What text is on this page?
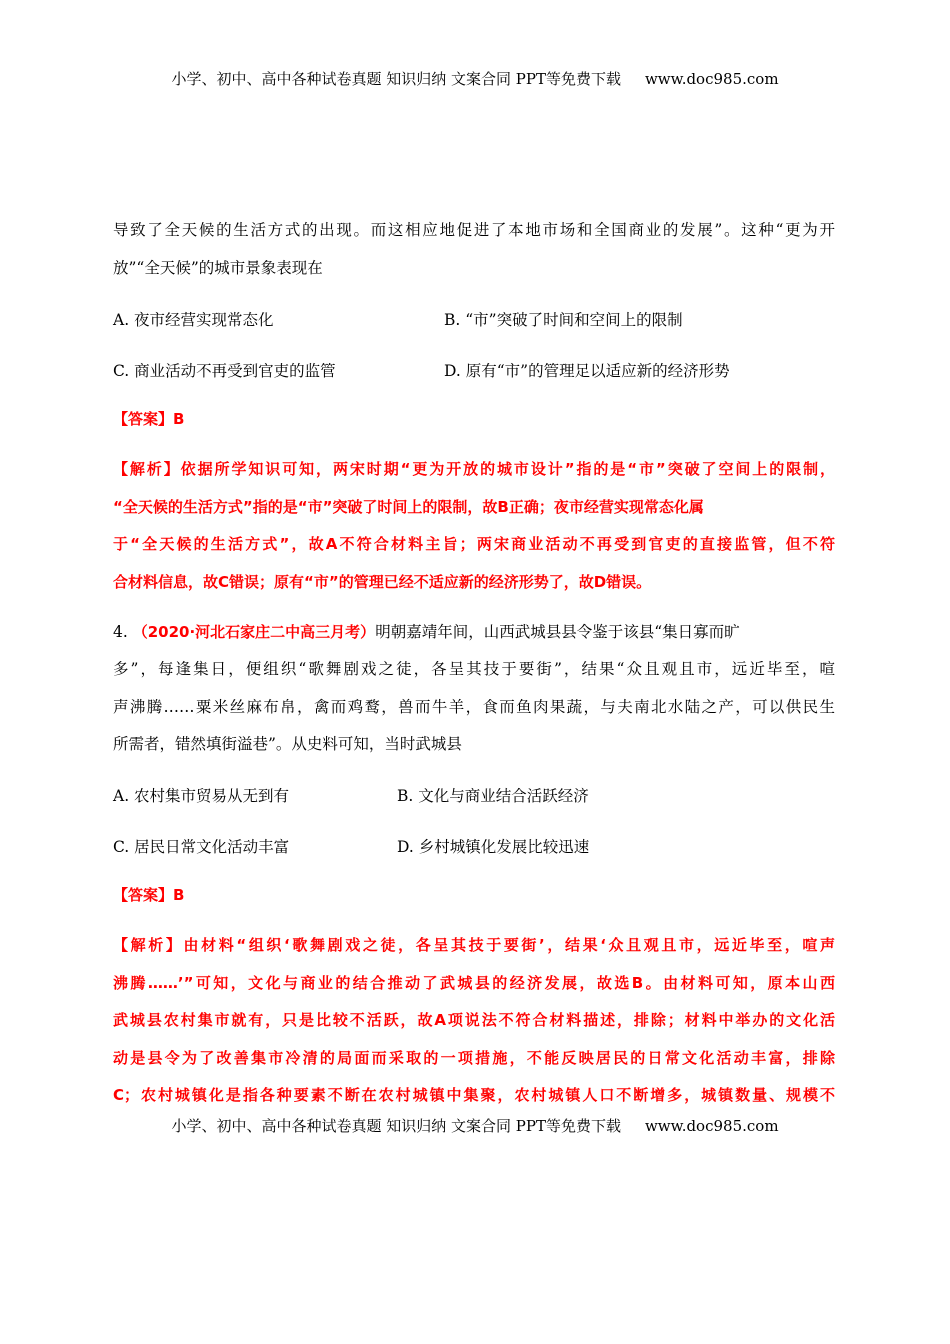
小学、初中、高中各种试卷真题 知识归纳 文案合同 PPT等免费下载 www.doc985.com
导致了全天候的生活方式的出现。而这相应地促进了本地市场和全国商业的发展”。这种“更为开
放”“全天候”的城市景象表现在
A. 夜市经营实现常态化	B. “市”突破了时间和空间上的限制
C. 商业活动不再受到官吏的监管	D. 原有“市”的管理足以适应新的经济形势
【答案】B
【解析】依据所学知识可知，两宋时期“更为开放的城市设计”指的是“市”突破了空间上的限制，
“全天候的生活方式”指的是“市”突破了时间上的限制，故B正确；夜市经营实现常态化属
于“全天候的生活方式”，故A不符合材料主旨；两宋商业活动不再受到官吏的直接监管，但不符
合材料信息，故C错误；原有“市”的管理已经不适应新的经济形势了，故D错误。
4. （2020·河北石家庄二中高三月考）明朝嘉靖年间，山西武城县县令鉴于该县“集日寡而旷
多”，每逢集日，便组织“歌舞剧戏之徒，各呈其技于要街”，结果“众且观且市，远近毕至，喧
声沸腾……粟米丝麻布帛，禽而鸡鹜，兽而牛羊，食而鱼肉果蔬，与夫南北水陆之产，可以供民生
所需者，错然填街溢巷”。从史料可知，当时武城县
A. 农村集市贸易从无到有	B. 文化与商业结合活跃经济
C. 居民日常文化活动丰富	D. 乡村城镇化发展比较迅速
【答案】B
【解析】由材料“组织‘歌舞剧戏之徒，各呈其技于要街’，结果‘众且观且市，远近毕至，喧声
沸腾……’”可知，文化与商业的结合推动了武城县的经济发展，故选B。由材料可知，原本山西
武城县农村集市就有，只是比较不活跃，故A项说法不符合材料描述，排除；材料中举办的文化活
动是县令为了改善集市冷清的局面而采取的一项措施，不能反映居民的日常文化活动丰富，排除
C；农村城镇化是指各种要素不断在农村城镇中集聚，农村城镇人口不断增多，城镇数量、规模不
小学、初中、高中各种试卷真题 知识归纳 文案合同 PPT等免费下载 www.doc985.com
